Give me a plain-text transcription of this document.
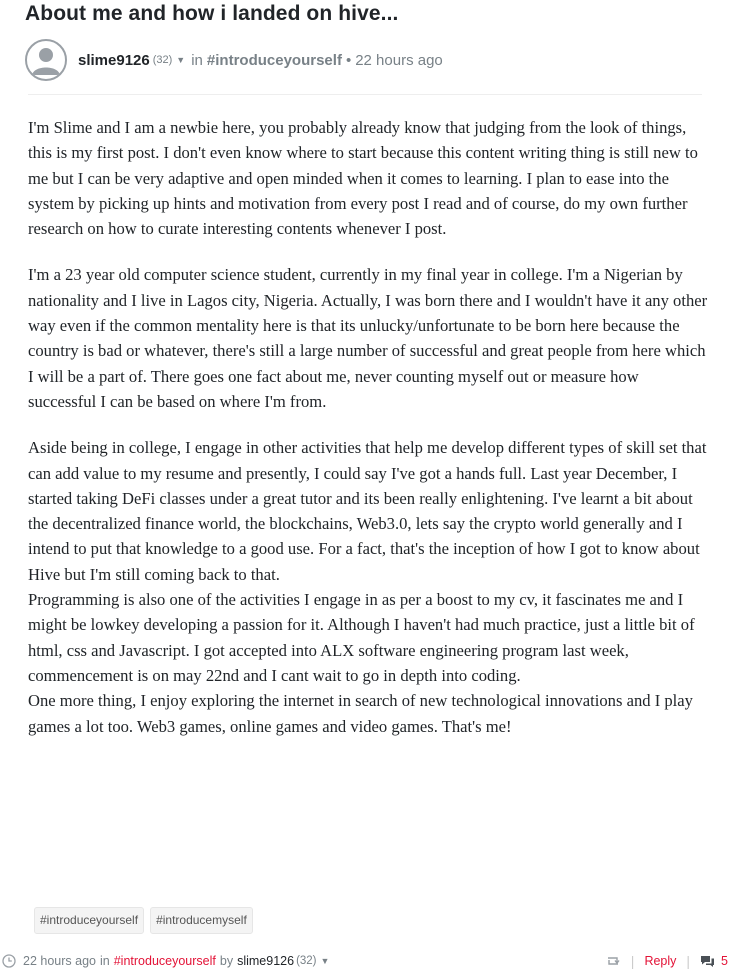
About me and how i landed on hive...
slime9126 (32) ▼ in #introduceyourself • 22 hours ago

I'm Slime and I am a newbie here, you probably already know that judging from the look of things, this is my first post. I don't even know where to start because this content writing thing is still new to me but I can be very adaptive and open minded when it comes to learning. I plan to ease into the system by picking up hints and motivation from every post I read and of course, do my own further research on how to curate interesting contents whenever I post.

I'm a 23 year old computer science student, currently in my final year in college. I'm a Nigerian by nationality and I live in Lagos city, Nigeria. Actually, I was born there and I wouldn't have it any other way even if the common mentality here is that its unlucky/unfortunate to be born here because the country is bad or whatever, there's still a large number of successful and great people from here which I will be a part of. There goes one fact about me, never counting myself out or measure how successful I can be based on where I'm from.

Aside being in college, I engage in other activities that help me develop different types of skill set that can add value to my resume and presently, I could say I've got a hands full. Last year December, I started taking DeFi classes under a great tutor and its been really enlightening. I've learnt a bit about the decentralized finance world, the blockchains, Web3.0, lets say the crypto world generally and I intend to put that knowledge to a good use. For a fact, that's the inception of how I got to know about Hive but I'm still coming back to that.
Programming is also one of the activities I engage in as per a boost to my cv, it fascinates me and I might be lowkey developing a passion for it. Although I haven't had much practice, just a little bit of html, css and Javascript. I got accepted into ALX software engineering program last week, commencement is on may 22nd and I cant wait to go in depth into coding.
One more thing, I enjoy exploring the internet in search of new technological innovations and I play games a lot too. Web3 games, online games and video games. That's me!

#introduceyourself	#introducemyself
22 hours ago in #introduceyourself by slime9126 (32) ▼	| Reply | 5
